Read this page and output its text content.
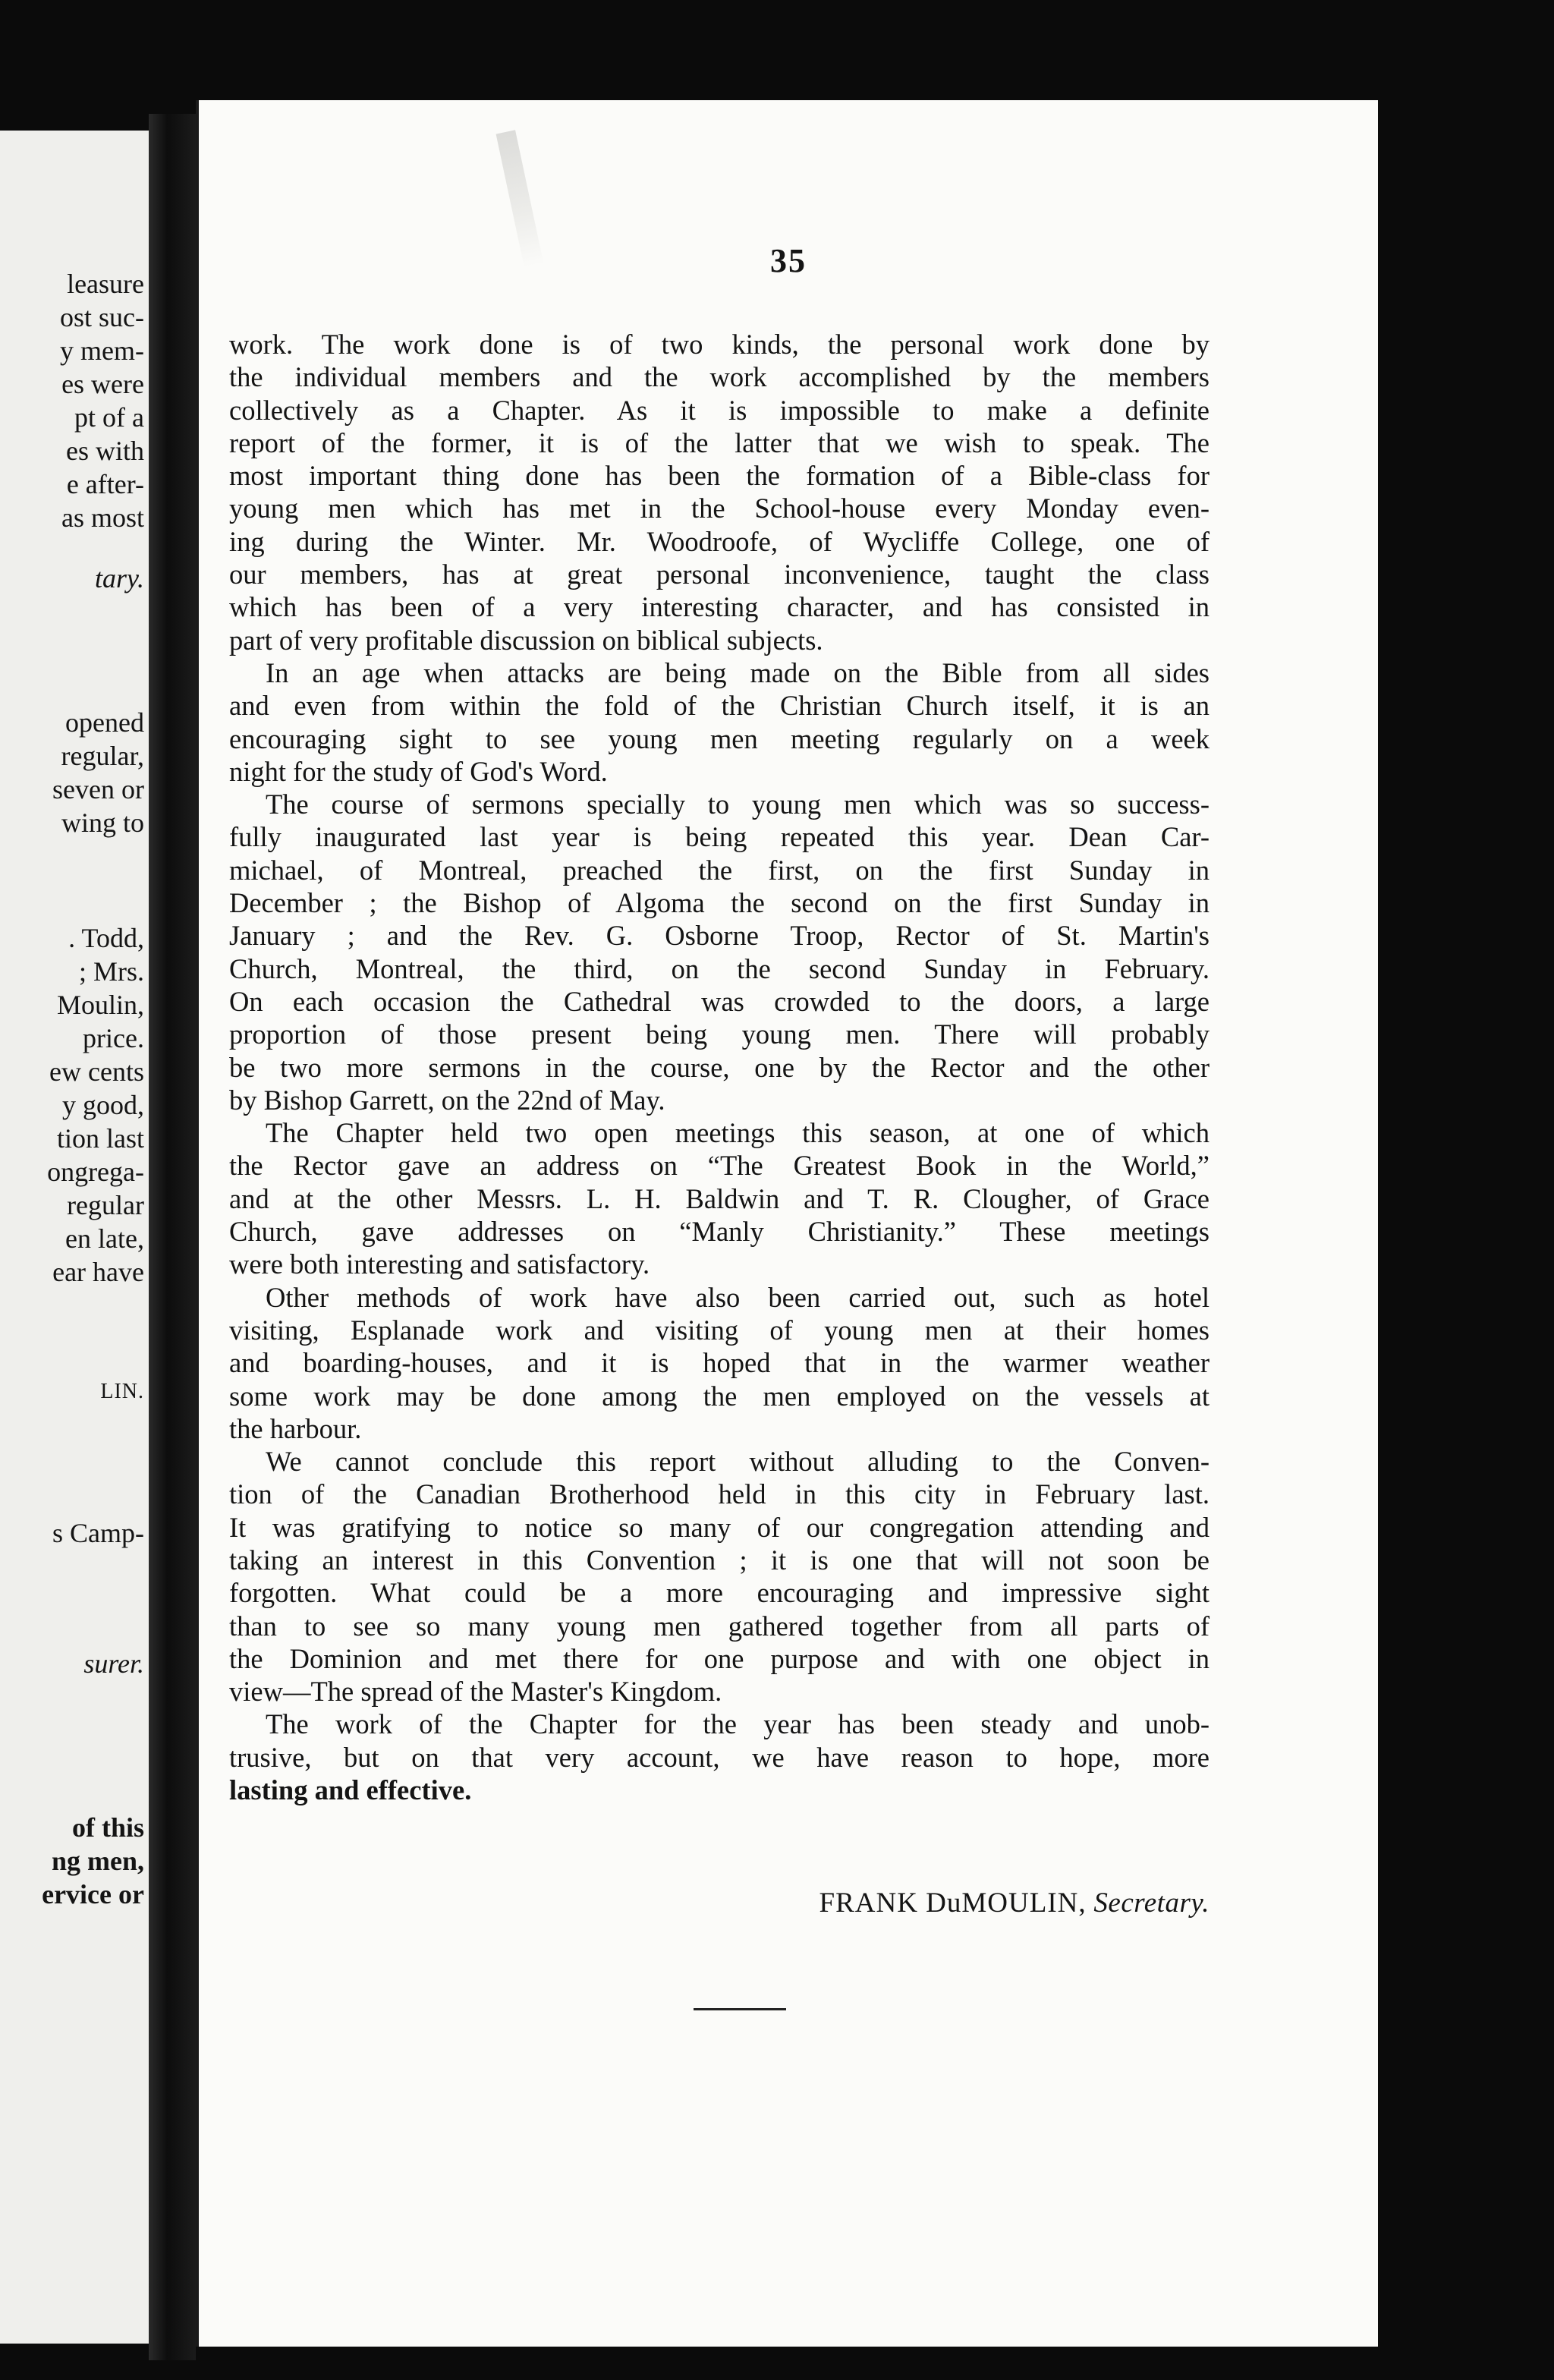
leasure
ost suc-
y mem-
es were
pt of a
es with
e after-
as most
tary.
opened
regular,
seven or
wing to
. Todd,
; Mrs.
Moulin,
price.
ew cents
y good,
tion last
ongrega-
regular
en late,
ear have
LIN.
s Camp-
surer.
of this
ng men,
ervice or
35
work. The work done is of two kinds, the personal work done by
the individual members and the work accomplished by the members
collectively as a Chapter. As it is impossible to make a definite
report of the former, it is of the latter that we wish to speak. The
most important thing done has been the formation of a Bible-class for
young men which has met in the School-house every Monday even-
ing during the Winter. Mr. Woodroofe, of Wycliffe College, one of
our members, has at great personal inconvenience, taught the class
which has been of a very interesting character, and has consisted in
part of very profitable discussion on biblical subjects.
In an age when attacks are being made on the Bible from all sides
and even from within the fold of the Christian Church itself, it is an
encouraging sight to see young men meeting regularly on a week
night for the study of God's Word.
The course of sermons specially to young men which was so success-
fully inaugurated last year is being repeated this year. Dean Car-
michael, of Montreal, preached the first, on the first Sunday in
December ; the Bishop of Algoma the second on the first Sunday in
January ; and the Rev. G. Osborne Troop, Rector of St. Martin's
Church, Montreal, the third, on the second Sunday in February.
On each occasion the Cathedral was crowded to the doors, a large
proportion of those present being young men. There will probably
be two more sermons in the course, one by the Rector and the other
by Bishop Garrett, on the 22nd of May.
The Chapter held two open meetings this season, at one of which
the Rector gave an address on “The Greatest Book in the World,”
and at the other Messrs. L. H. Baldwin and T. R. Clougher, of Grace
Church, gave addresses on “Manly Christianity.” These meetings
were both interesting and satisfactory.
Other methods of work have also been carried out, such as hotel
visiting, Esplanade work and visiting of young men at their homes
and boarding-houses, and it is hoped that in the warmer weather
some work may be done among the men employed on the vessels at
the harbour.
We cannot conclude this report without alluding to the Conven-
tion of the Canadian Brotherhood held in this city in February last.
It was gratifying to notice so many of our congregation attending and
taking an interest in this Convention ; it is one that will not soon be
forgotten. What could be a more encouraging and impressive sight
than to see so many young men gathered together from all parts of
the Dominion and met there for one purpose and with one object in
view—The spread of the Master's Kingdom.
The work of the Chapter for the year has been steady and unob-
trusive, but on that very account, we have reason to hope, more
lasting and effective.
FRANK DuMOULIN, Secretary.
